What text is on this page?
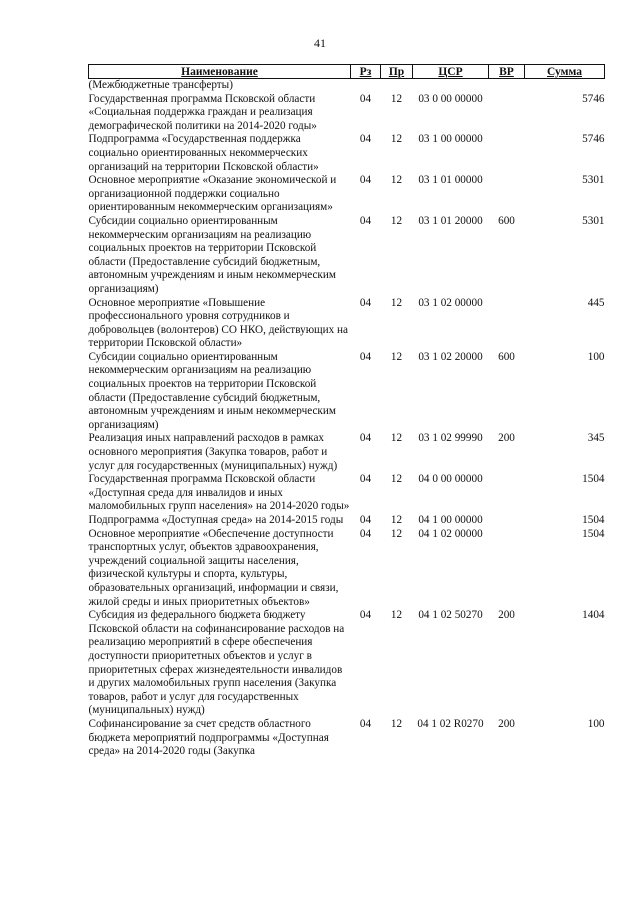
41
Наименование	Рз	Пр	ЦСР	ВР	Сумма
(Межбюджетные трансферты)					
Государственная программа Псковской области «Социальная поддержка граждан и реализация демографической политики на 2014-2020 годы»	04	12	03 0 00 00000		5746
Подпрограмма «Государственная поддержка социально ориентированных некоммерческих организаций на территории Псковской области»	04	12	03 1 00 00000		5746
Основное мероприятие «Оказание экономической и организационной поддержки социально ориентированным некоммерческим организациям»	04	12	03 1 01 00000		5301
Субсидии социально ориентированным некоммерческим организациям на реализацию социальных проектов на территории Псковской области (Предоставление субсидий бюджетным, автономным учреждениям и иным некоммерческим организациям)	04	12	03 1 01 20000	600	5301
Основное мероприятие «Повышение профессионального уровня сотрудников и добровольцев (волонтеров) СО НКО, действующих на территории Псковской области»	04	12	03 1 02 00000		445
Субсидии социально ориентированным некоммерческим организациям на реализацию социальных проектов на территории Псковской области (Предоставление субсидий бюджетным, автономным учреждениям и иным некоммерческим организациям)	04	12	03 1 02 20000	600	100
Реализация иных направлений расходов в рамках основного мероприятия (Закупка товаров, работ и услуг для государственных (муниципальных) нужд)	04	12	03 1 02 99990	200	345
Государственная программа Псковской области «Доступная среда для инвалидов и иных маломобильных групп населения» на 2014-2020 годы»	04	12	04 0 00 00000		1504
Подпрограмма «Доступная среда» на 2014-2015 годы	04	12	04 1 00 00000		1504
Основное мероприятие «Обеспечение доступности транспортных услуг, объектов здравоохранения, учреждений социальной защиты населения, физической культуры и спорта, культуры, образовательных организаций, информации и связи, жилой среды и иных приоритетных объектов»	04	12	04 1 02 00000		1504
Субсидия из федерального бюджета бюджету Псковской области на софинансирование расходов на реализацию мероприятий в сфере обеспечения доступности приоритетных объектов и услуг в приоритетных сферах жизнедеятельности инвалидов и других маломобильных групп населения (Закупка товаров, работ и услуг для государственных (муниципальных) нужд)	04	12	04 1 02 50270	200	1404
Софинансирование за счет средств областного бюджета мероприятий подпрограммы «Доступная среда» на 2014-2020 годы (Закупка	04	12	04 1 02 R0270	200	100
